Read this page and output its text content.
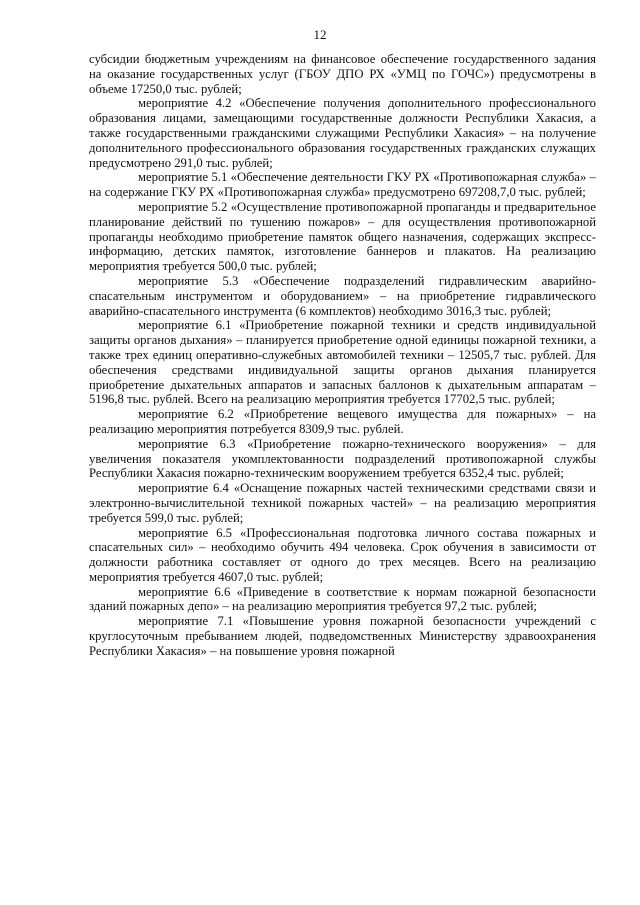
12

субсидии бюджетным учреждениям на финансовое обеспечение государственного задания на оказание государственных услуг (ГБОУ ДПО РХ «УМЦ по ГОЧС») предусмотрены в объеме 17250,0 тыс. рублей;

мероприятие 4.2 «Обеспечение получения дополнительного профессионального образования лицами, замещающими государственные должности Республики Хакасия, а также государственными гражданскими служащими Республики Хакасия» – на получение дополнительного профессионального образования государственных гражданских служащих предусмотрено 291,0 тыс. рублей;

мероприятие 5.1 «Обеспечение деятельности ГКУ РХ «Противопожарная служба» – на содержание ГКУ РХ «Противопожарная служба» предусмотрено 697208,7,0 тыс. рублей;

мероприятие 5.2 «Осуществление противопожарной пропаганды и предварительное планирование действий по тушению пожаров» – для осуществления противопожарной пропаганды необходимо приобретение памяток общего назначения, содержащих экспресс-информацию, детских памяток, изготовление баннеров и плакатов. На реализацию мероприятия требуется 500,0 тыс. рублей;

мероприятие 5.3 «Обеспечение подразделений гидравлическим аварийно-спасательным инструментом и оборудованием» – на приобретение гидравлического аварийно-спасательного инструмента (6 комплектов) необходимо 3016,3 тыс. рублей;

мероприятие 6.1 «Приобретение пожарной техники и средств индивидуальной защиты органов дыхания» – планируется приобретение одной единицы пожарной техники, а также трех единиц оперативно-служебных автомобилей техники – 12505,7 тыс. рублей. Для обеспечения средствами индивидуальной защиты органов дыхания планируется приобретение дыхательных аппаратов и запасных баллонов к дыхательным аппаратам – 5196,8 тыс. рублей. Всего на реализацию мероприятия требуется 17702,5 тыс. рублей;

мероприятие 6.2 «Приобретение вещевого имущества для пожарных» – на реализацию мероприятия потребуется 8309,9 тыс. рублей.

мероприятие 6.3 «Приобретение пожарно-технического вооружения» – для увеличения показателя укомплектованности подразделений противопожарной службы Республики Хакасия пожарно-техническим вооружением требуется 6352,4 тыс. рублей;

мероприятие 6.4 «Оснащение пожарных частей техническими средствами связи и электронно-вычислительной техникой пожарных частей» – на реализацию мероприятия требуется 599,0 тыс. рублей;

мероприятие 6.5 «Профессиональная подготовка личного состава пожарных и спасательных сил» – необходимо обучить 494 человека. Срок обучения в зависимости от должности работника составляет от одного до трех месяцев. Всего на реализацию мероприятия требуется 4607,0 тыс. рублей;

мероприятие 6.6 «Приведение в соответствие к нормам пожарной безопасности зданий пожарных депо» – на реализацию мероприятия требуется 97,2 тыс. рублей;

мероприятие 7.1 «Повышение уровня пожарной безопасности учреждений с круглосуточным пребыванием людей, подведомственных Министерству здравоохранения Республики Хакасия» – на повышение уровня пожарной
